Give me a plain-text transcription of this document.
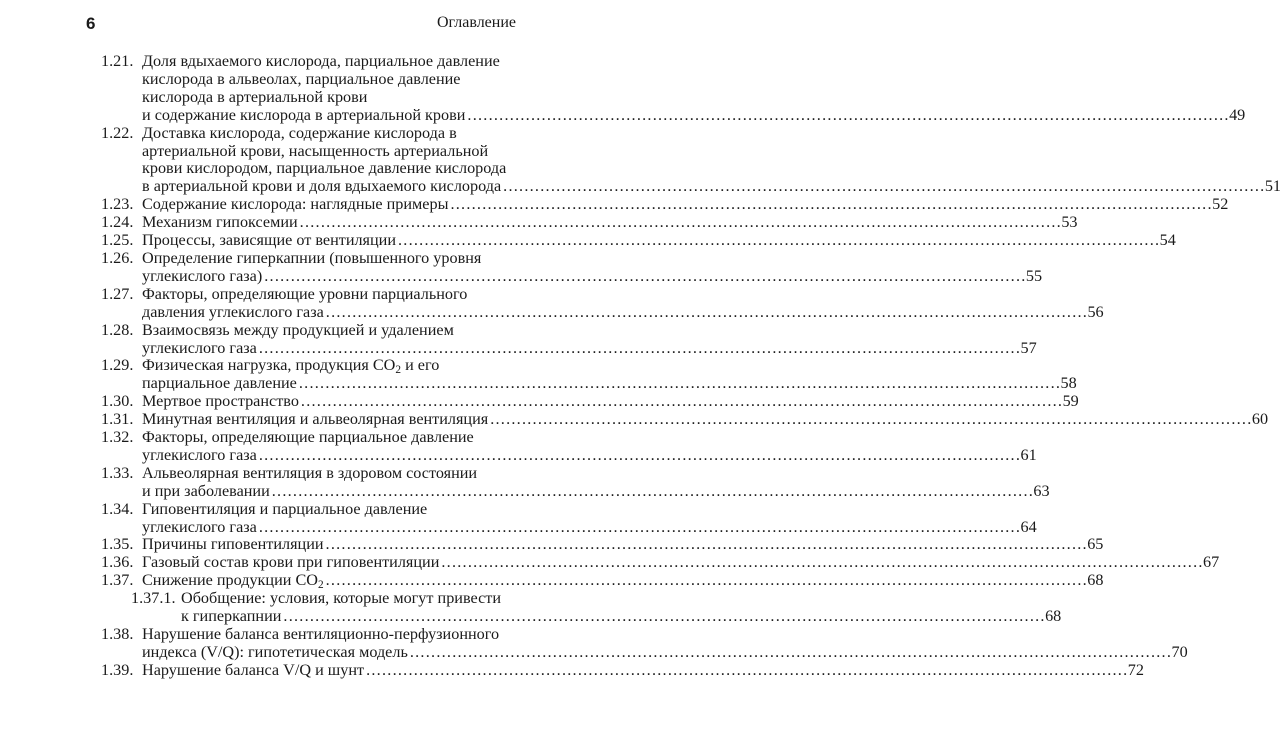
6	Оглавление
1.21. Доля вдыхаемого кислорода, парциальное давление
кислорода в альвеолах, парциальное давление
кислорода в артериальной крови
и содержание кислорода в артериальной крови . . .	49
1.22. Доставка кислорода, содержание кислорода в
артериальной крови, насыщенность артериальной
крови кислородом, парциальное давление кислорода
в артериальной крови и доля вдыхаемого кислорода . . .	51
1.23. Содержание кислорода: наглядные примеры . . .	52
1.24. Механизм гипоксемии . . .	53
1.25. Процессы, зависящие от вентиляции . . .	54
1.26. Определение гиперкапнии (повышенного уровня
углекислого газа) . . .	55
1.27. Факторы, определяющие уровни парциального
давления углекислого газа . . .	56
1.28. Взаимосвязь между продукцией и удалением
углекислого газа . . .	57
1.29. Физическая нагрузка, продукция $CO_2$ и его
парциальное давление . . .	58
1.30. Мертвое пространство . . .	59
1.31. Минутная вентиляция и альвеолярная вентиляция . . .	60
1.32. Факторы, определяющие парциальное давление
углекислого газа . . .	61
1.33. Альвеолярная вентиляция в здоровом состоянии
и при заболевании . . .	63
1.34. Гиповентиляция и парциальное давление
углекислого газа . . .	64
1.35. Причины гиповентиляции . . .	65
1.36. Газовый состав крови при гиповентиляции . . .	67
1.37. Снижение продукции $CO_2$ . . .	68
1.37.1. Обобщение: условия, которые могут привести
к гиперкапнии . . .	68
1.38. Нарушение баланса вентиляционно-перфузионного
индекса (V/Q): гипотетическая модель . . .	70
1.39. Нарушение баланса V/Q и шунт . . .	72
